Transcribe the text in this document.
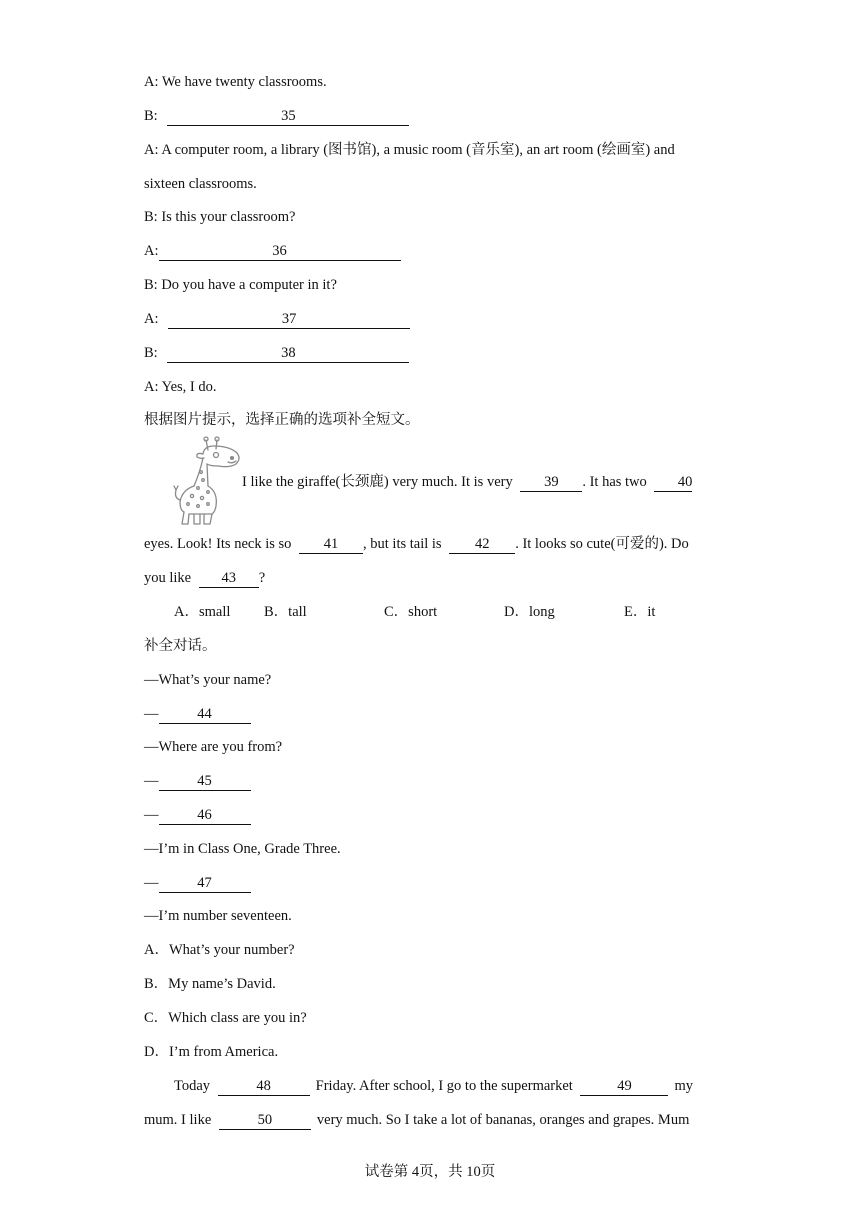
A: We have twenty classrooms.
B:	35
A: A computer room, a library (图书馆), a music room (音乐室), an art room (绘画室) and
sixteen classrooms.
B: Is this your classroom?
A:	36
B: Do you have a computer in it?
A:	37
B:	38
A: Yes, I do.
根据图片提示，选择正确的选项补全短文。
I like the giraffe(长颈鹿) very much. It is very 39 . It has two 40
eyes. Look! Its neck is so 41 , but its tail is 42 . It looks so cute(可爱的). Do
you like 43 ?
A．small B．tall	C．short	D．long	E．it
补全对话。
—What’s your name?
—	44
—Where are you from?
—	45
—	46
—I’m in Class One, Grade Three.
—	47
—I’m number seventeen.
A．What’s your number?
B．My name’s David.
C．Which class are you in?
D．I’m from America.
Today	48	Friday. After school, I go to the supermarket	49	my
mum. I like	50	very much. So I take a lot of bananas, oranges and grapes. Mum
试卷第 4页，共 10页
